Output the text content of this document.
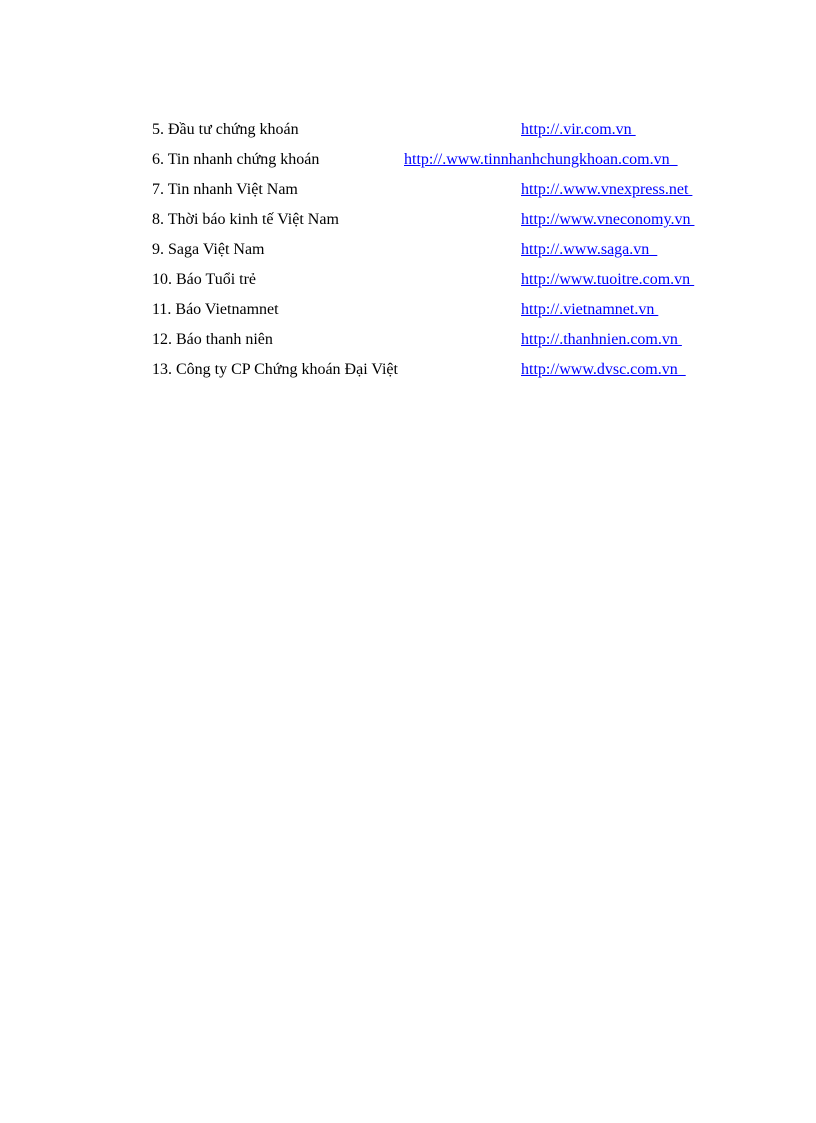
5. Đầu tư chứng khoán	http://.vir.com.vn
6. Tin nhanh chứng khoán	http://.www.tinnhanhchungkhoan.com.vn
7. Tin nhanh Việt Nam	http://.www.vnexpress.net
8. Thời báo kinh tế Việt Nam	http://www.vneconomy.vn
9. Saga Việt Nam	http://.www.saga.vn
10. Báo Tuổi trẻ	http://www.tuoitre.com.vn
11. Báo Vietnamnet	http://.vietnamnet.vn
12. Báo thanh niên	http://.thanhnien.com.vn
13. Công ty CP Chứng khoán Đại Việt	http://www.dvsc.com.vn
